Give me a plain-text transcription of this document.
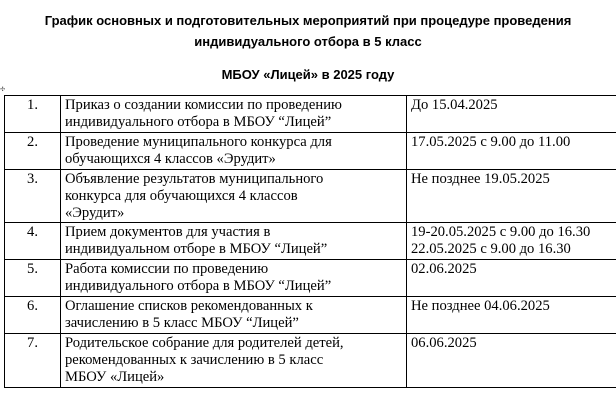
График основных и подготовительных мероприятий при процедуре проведения
индивидуального отбора в 5 класс
МБОУ «Лицей» в 2025 году
✣
1.	Приказ о создании комиссии по проведению
индивидуального отбора в МБОУ “Лицей”	До 15.04.2025

2.	Проведение муниципального конкурса для
обучающихся 4 классов «Эрудит»	17.05.2025 с 9.00 до 11.00

3.	Объявление результатов муниципального
конкурса для обучающихся 4 классов
«Эрудит»	Не позднее 19.05.2025

4.	Прием документов для участия в
индивидуальном отборе в МБОУ “Лицей”	19-20.05.2025 с 9.00 до 16.30
22.05.2025 с 9.00 до 16.30

5.	Работа комиссии по проведению
индивидуального отбора в МБОУ “Лицей”	02.06.2025

6.	Оглашение списков рекомендованных к
зачислению в 5 класс МБОУ “Лицей”	Не позднее 04.06.2025

7.	Родительское собрание для родителей детей,
рекомендованных к зачислению в 5 класс
МБОУ «Лицей»	06.06.2025
